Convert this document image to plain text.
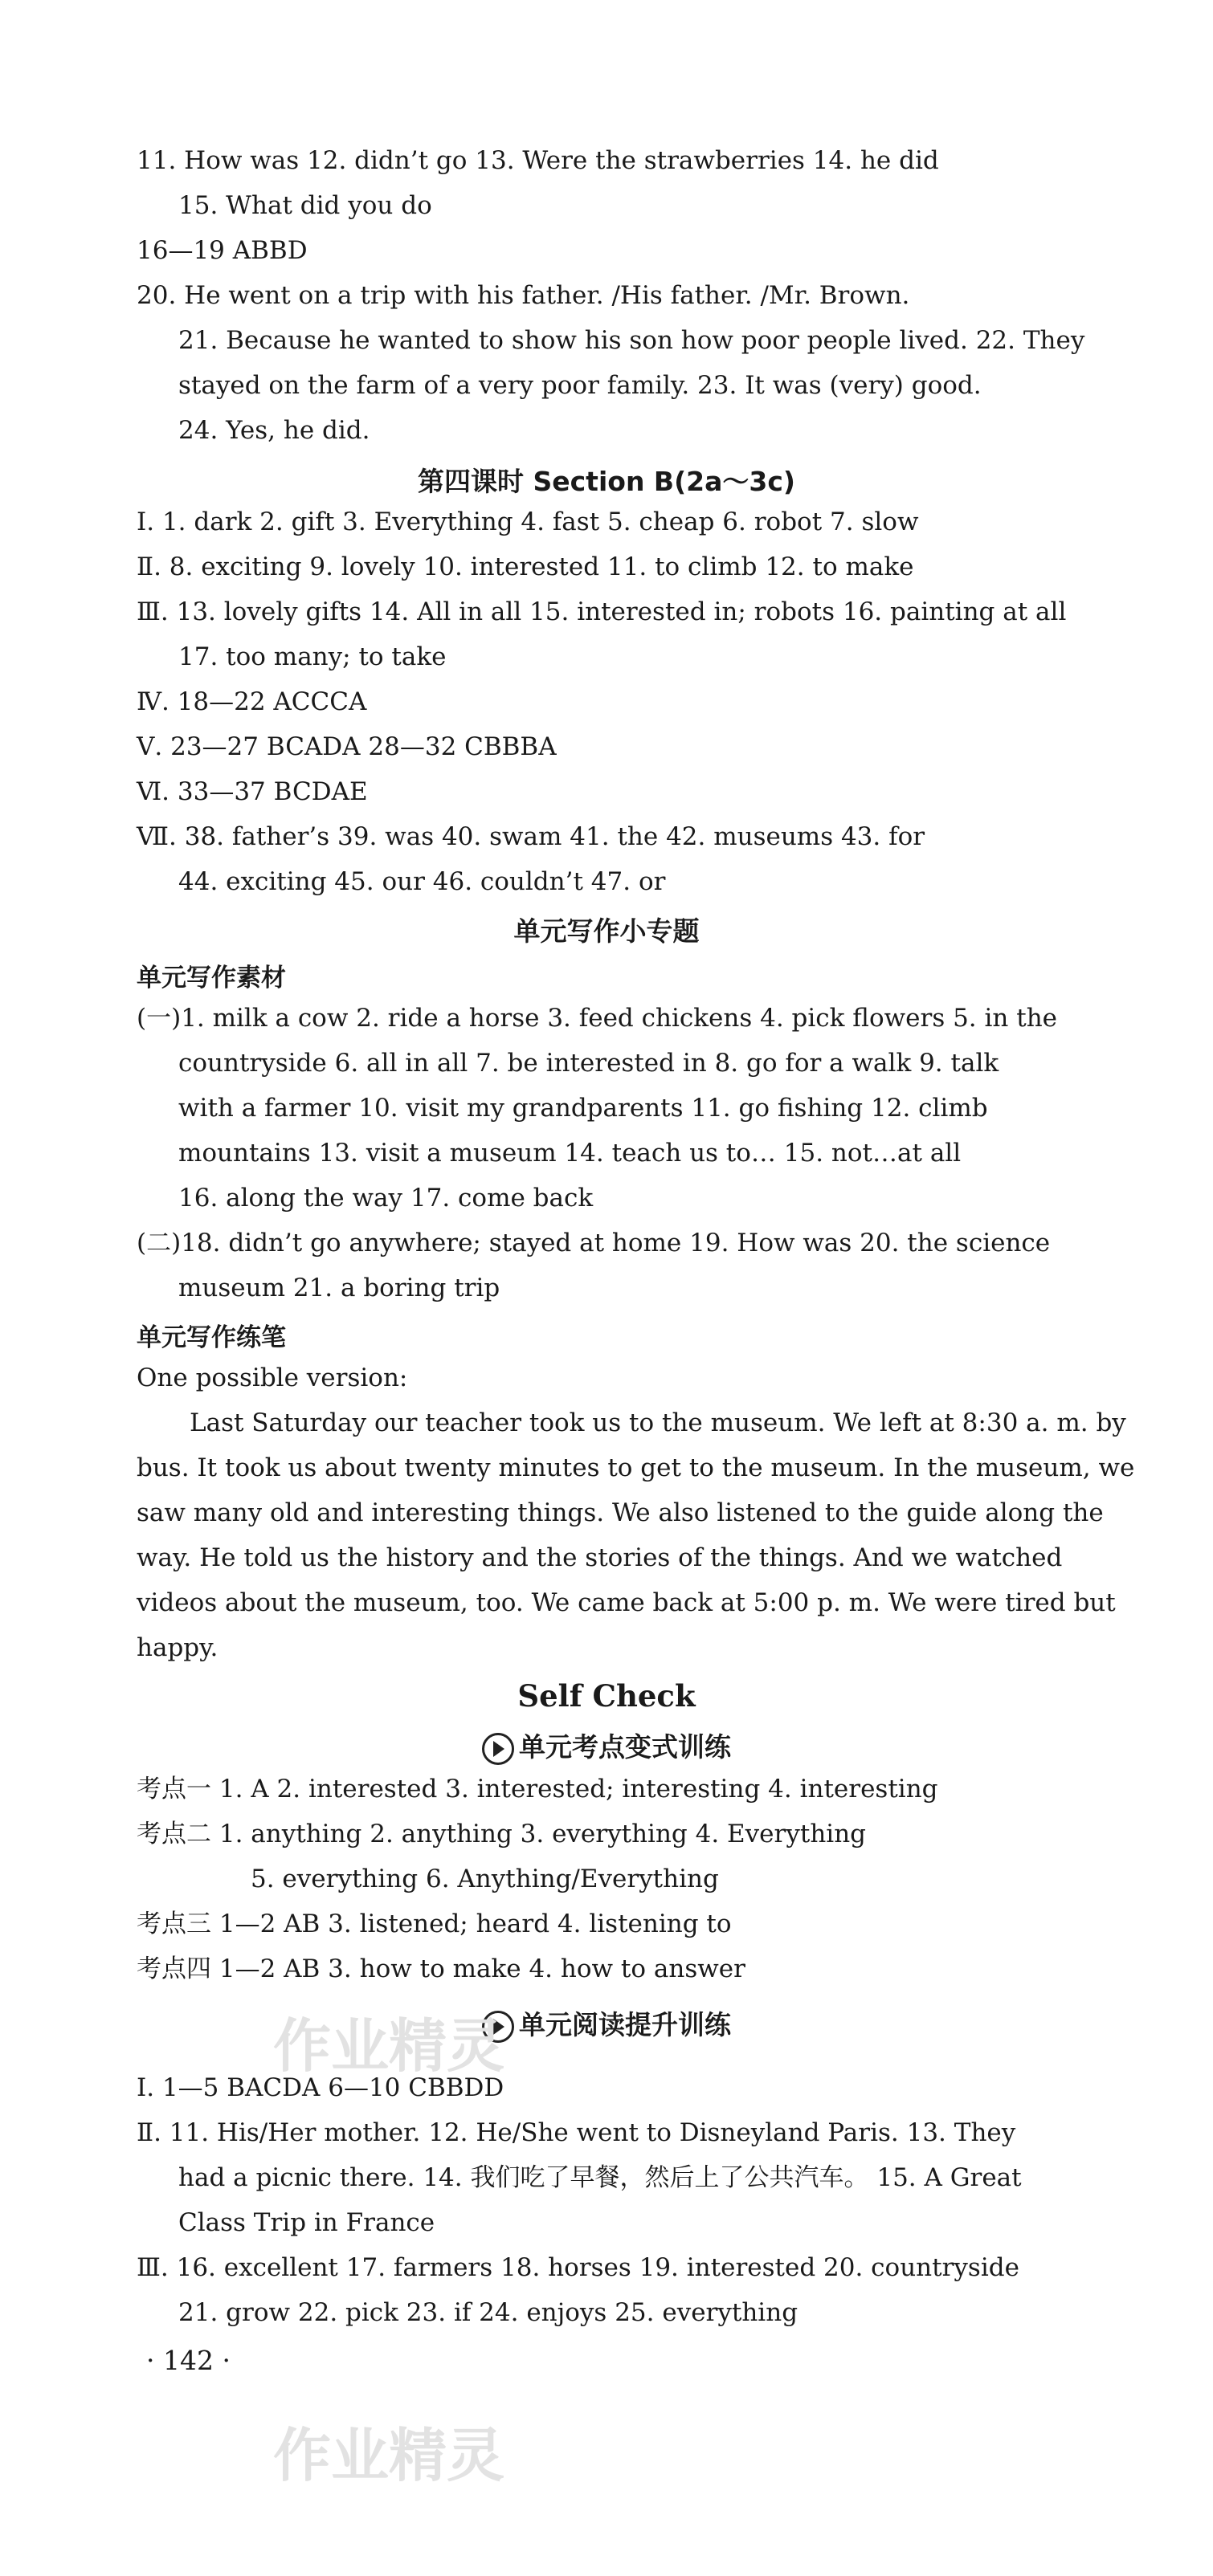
11. How was 12. didn’t go 13. Were the strawberries 14. he did
15. What did you do
16—19 ABBD
20. He went on a trip with his father. /His father. /Mr. Brown.
21. Because he wanted to show his son how poor people lived. 22. They
stayed on the farm of a very poor family. 23. It was (very) good.
24. Yes, he did.
第四课时 Section B(2a～3c)
Ⅰ. 1. dark 2. gift 3. Everything 4. fast 5. cheap 6. robot 7. slow
Ⅱ. 8. exciting 9. lovely 10. interested 11. to climb 12. to make
Ⅲ. 13. lovely gifts 14. All in all 15. interested in; robots 16. painting at all
17. too many; to take
Ⅳ. 18—22 ACCCA
Ⅴ. 23—27 BCADA 28—32 CBBBA
Ⅵ. 33—37 BCDAE
Ⅶ. 38. father’s 39. was 40. swam 41. the 42. museums 43. for
44. exciting 45. our 46. couldn’t 47. or
单元写作小专题
单元写作素材
(一)1. milk a cow 2. ride a horse 3. feed chickens 4. pick flowers 5. in the
countryside 6. all in all 7. be interested in 8. go for a walk 9. talk
with a farmer 10. visit my grandparents 11. go fishing 12. climb
mountains 13. visit a museum 14. teach us to… 15. not…at all
16. along the way 17. come back
(二)18. didn’t go anywhere; stayed at home 19. How was 20. the science
museum 21. a boring trip
单元写作练笔
One possible version:
Last Saturday our teacher took us to the museum. We left at 8:30 a. m. by
bus. It took us about twenty minutes to get to the museum. In the museum, we
saw many old and interesting things. We also listened to the guide along the
way. He told us the history and the stories of the things. And we watched
videos about the museum, too. We came back at 5:00 p. m. We were tired but
happy.
Self Check
单元考点变式训练
考点一 1. A 2. interested 3. interested; interesting 4. interesting
考点二 1. anything 2. anything 3. everything 4. Everything
5. everything 6. Anything/Everything
考点三 1—2 AB 3. listened; heard 4. listening to
考点四 1—2 AB 3. how to make 4. how to answer
单元阅读提升训练
Ⅰ. 1—5 BACDA 6—10 CBBDD
Ⅱ. 11. His/Her mother. 12. He/She went to Disneyland Paris. 13. They
had a picnic there. 14. 我们吃了早餐，然后上了公共汽车。 15. A Great
Class Trip in France
Ⅲ. 16. excellent 17. farmers 18. horses 19. interested 20. countryside
21. grow 22. pick 23. if 24. enjoys 25. everything
· 142 ·
作业精灵
作业精灵
